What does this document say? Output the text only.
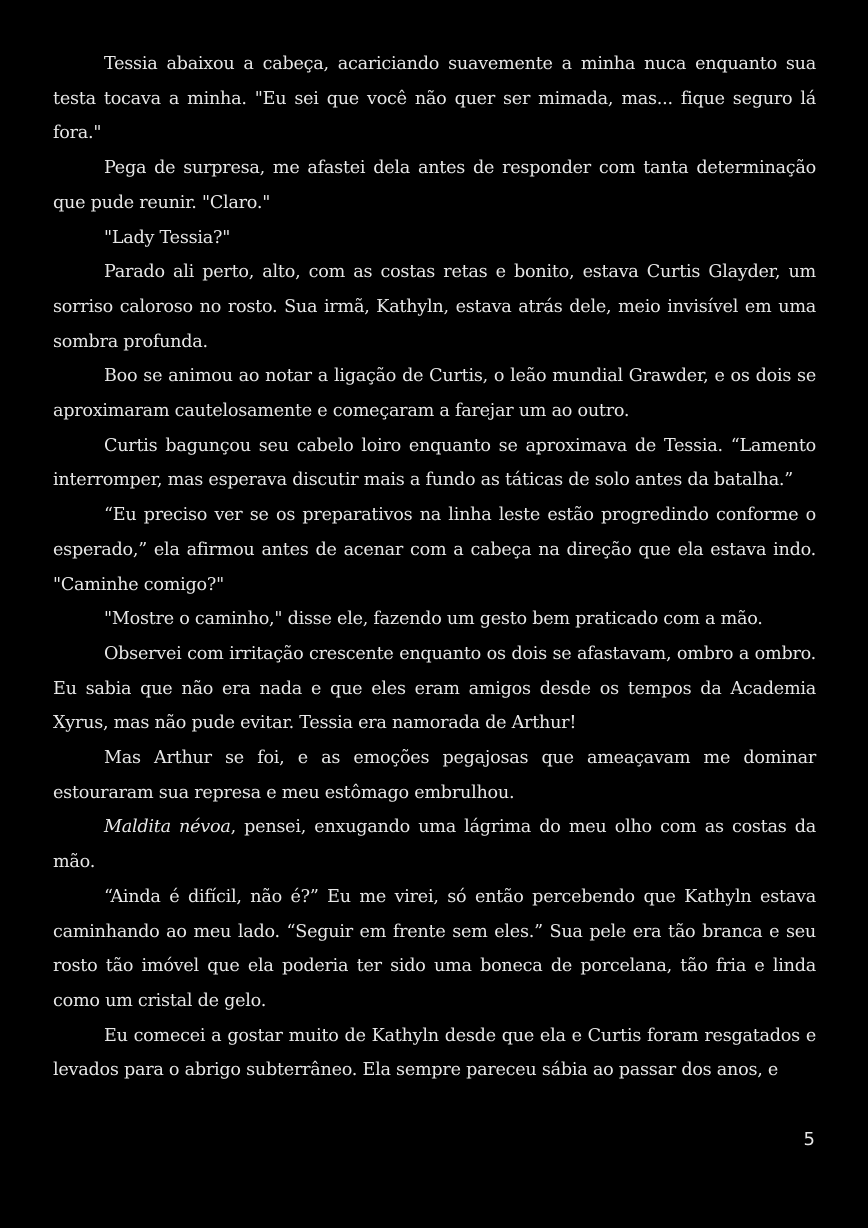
Tessia abaixou a cabeça, acariciando suavemente a minha nuca enquanto sua testa tocava a minha. "Eu sei que você não quer ser mimada, mas... fique seguro lá fora."

Pega de surpresa, me afastei dela antes de responder com tanta determinação que pude reunir. "Claro."

"Lady Tessia?"

Parado ali perto, alto, com as costas retas e bonito, estava Curtis Glayder, um sorriso caloroso no rosto. Sua irmã, Kathyln, estava atrás dele, meio invisível em uma sombra profunda.

Boo se animou ao notar a ligação de Curtis, o leão mundial Grawder, e os dois se aproximaram cautelosamente e começaram a farejar um ao outro.

Curtis bagunçou seu cabelo loiro enquanto se aproximava de Tessia. “Lamento interromper, mas esperava discutir mais a fundo as táticas de solo antes da batalha.”

“Eu preciso ver se os preparativos na linha leste estão progredindo conforme o esperado,” ela afirmou antes de acenar com a cabeça na direção que ela estava indo. "Caminhe comigo?"

"Mostre o caminho," disse ele, fazendo um gesto bem praticado com a mão.

Observei com irritação crescente enquanto os dois se afastavam, ombro a ombro. Eu sabia que não era nada e que eles eram amigos desde os tempos da Academia Xyrus, mas não pude evitar. Tessia era namorada de Arthur!

Mas Arthur se foi, e as emoções pegajosas que ameaçavam me dominar estouraram sua represa e meu estômago embrulhou.

Maldita névoa, pensei, enxugando uma lágrima do meu olho com as costas da mão.

“Ainda é difícil, não é?” Eu me virei, só então percebendo que Kathyln estava caminhando ao meu lado. “Seguir em frente sem eles.” Sua pele era tão branca e seu rosto tão imóvel que ela poderia ter sido uma boneca de porcelana, tão fria e linda como um cristal de gelo.

Eu comecei a gostar muito de Kathyln desde que ela e Curtis foram resgatados e levados para o abrigo subterrâneo. Ela sempre pareceu sábia ao passar dos anos, e

5
